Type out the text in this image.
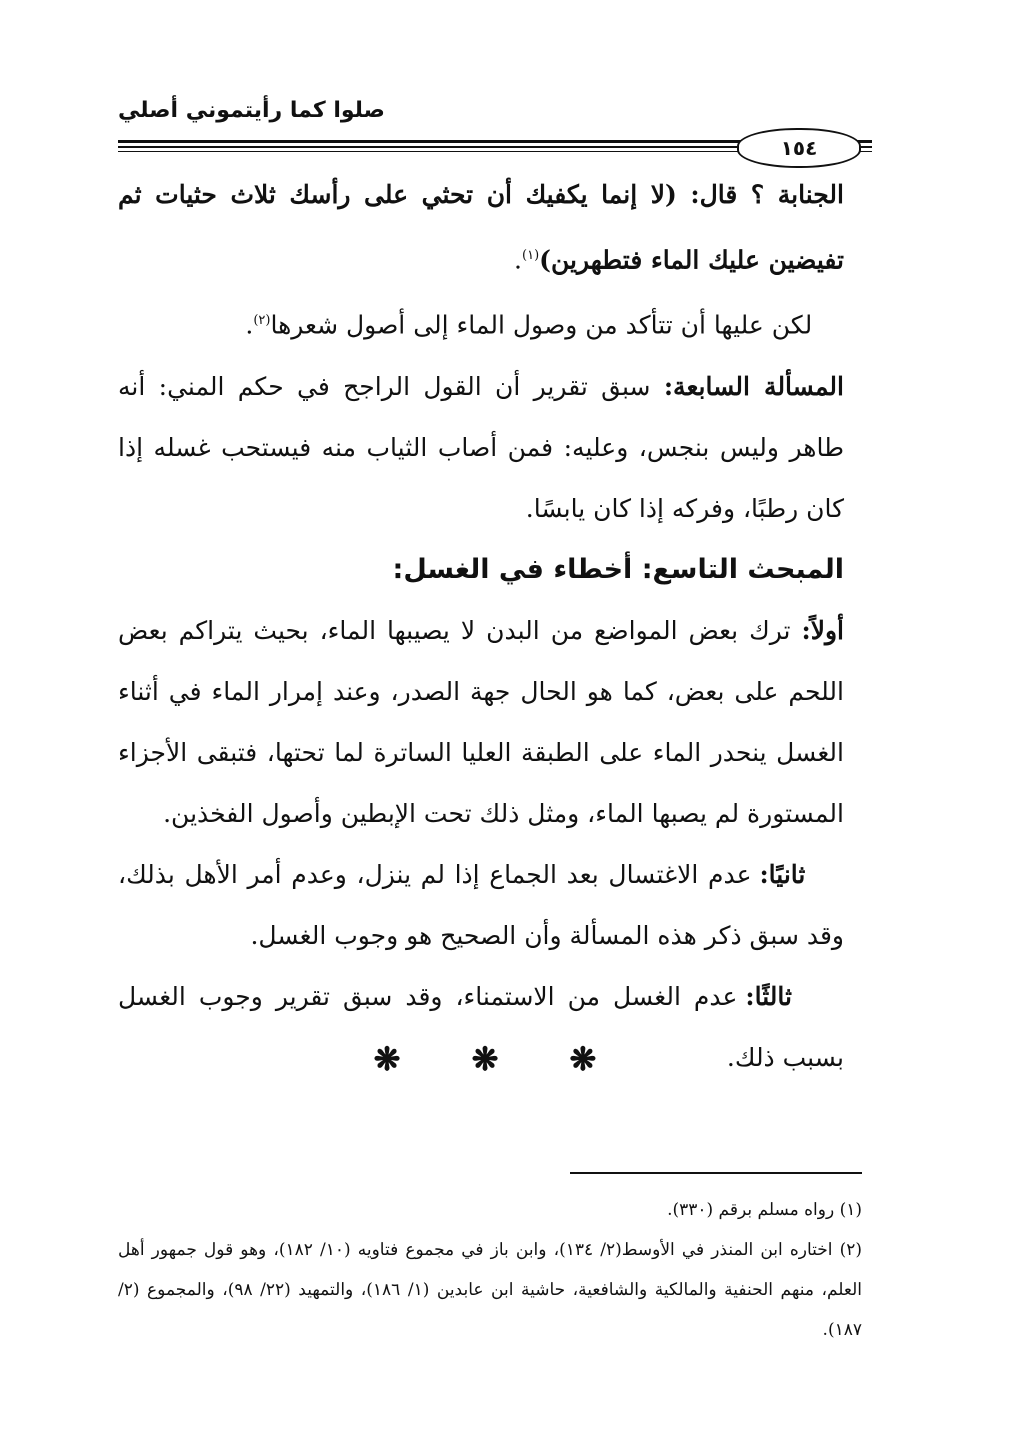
صلوا كما رأيتموني أصلي
١٥٤

الجنابة ؟ قال: (لا إنما يكفيك أن تحثي على رأسك ثلاث حثيات ثم تفيضين عليك الماء فتطهرين)$^{(١)}$.

لكن عليها أن تتأكد من وصول الماء إلى أصول شعرها$^{(٢)}$.

المسألة السابعة: سبق تقرير أن القول الراجح في حكم المني: أنه طاهر وليس بنجس، وعليه: فمن أصاب الثياب منه فيستحب غسله إذا كان رطبًا، وفركه إذا كان يابسًا.

المبحث التاسع: أخطاء في الغسل:

أولاً: ترك بعض المواضع من البدن لا يصيبها الماء، بحيث يتراكم بعض اللحم على بعض، كما هو الحال جهة الصدر، وعند إمرار الماء في أثناء الغسل ينحدر الماء على الطبقة العليا الساترة لما تحتها، فتبقى الأجزاء المستورة لم يصبها الماء، ومثل ذلك تحت الإبطين وأصول الفخذين.

ثانيًا: عدم الاغتسال بعد الجماع إذا لم ينزل، وعدم أمر الأهل بذلك، وقد سبق ذكر هذه المسألة وأن الصحيح هو وجوب الغسل.

ثالثًا: عدم الغسل من الاستمناء، وقد سبق تقرير وجوب الغسل بسبب ذلك.

❋ ❋ ❋

(١) رواه مسلم برقم (٣٣٠).

(٢) اختاره ابن المنذر في الأوسط(٢/ ١٣٤)، وابن باز في مجموع فتاويه (١٠/ ١٨٢)، وهو قول جمهور أهل العلم، منهم الحنفية والمالكية والشافعية، حاشية ابن عابدين (١/ ١٨٦)، والتمهيد (٢٢/ ٩٨)، والمجموع (٢/ ١٨٧).
